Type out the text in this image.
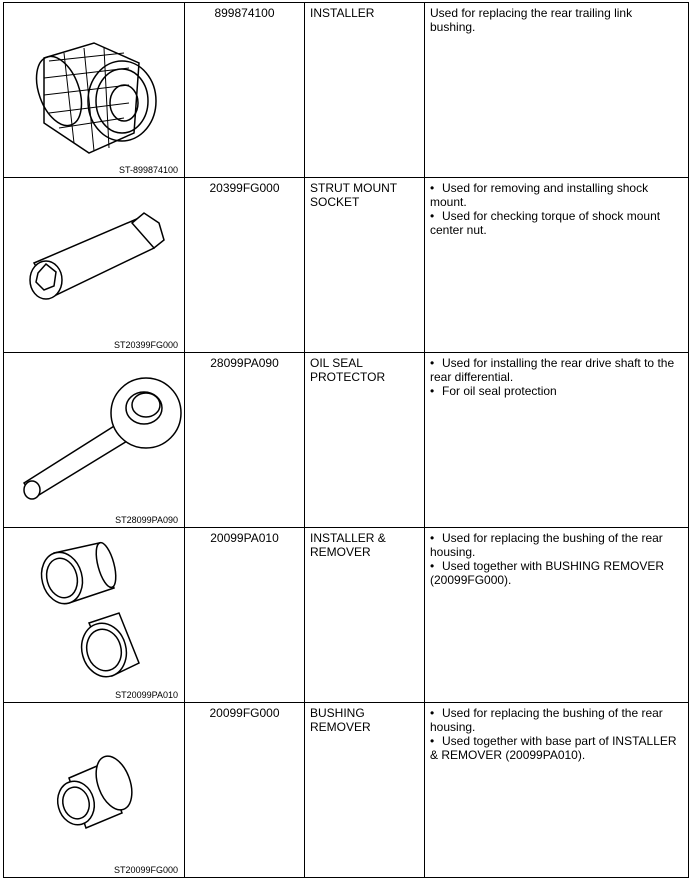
ST-899874100	899874100	INSTALLER	Used for replacing the rear trailing link bushing.

ST20399FG000	20399FG000	STRUT MOUNT SOCKET	• Used for removing and installing shock mount.
• Used for checking torque of shock mount center nut.

ST28099PA090	28099PA090	OIL SEAL PROTECTOR	• Used for installing the rear drive shaft to the rear differential.
• For oil seal protection

ST20099PA010	20099PA010	INSTALLER & REMOVER	• Used for replacing the bushing of the rear housing.
• Used together with BUSHING REMOVER (20099FG000).

ST20099FG000	20099FG000	BUSHING REMOVER	• Used for replacing the bushing of the rear housing.
• Used together with base part of INSTALLER & REMOVER (20099PA010).
